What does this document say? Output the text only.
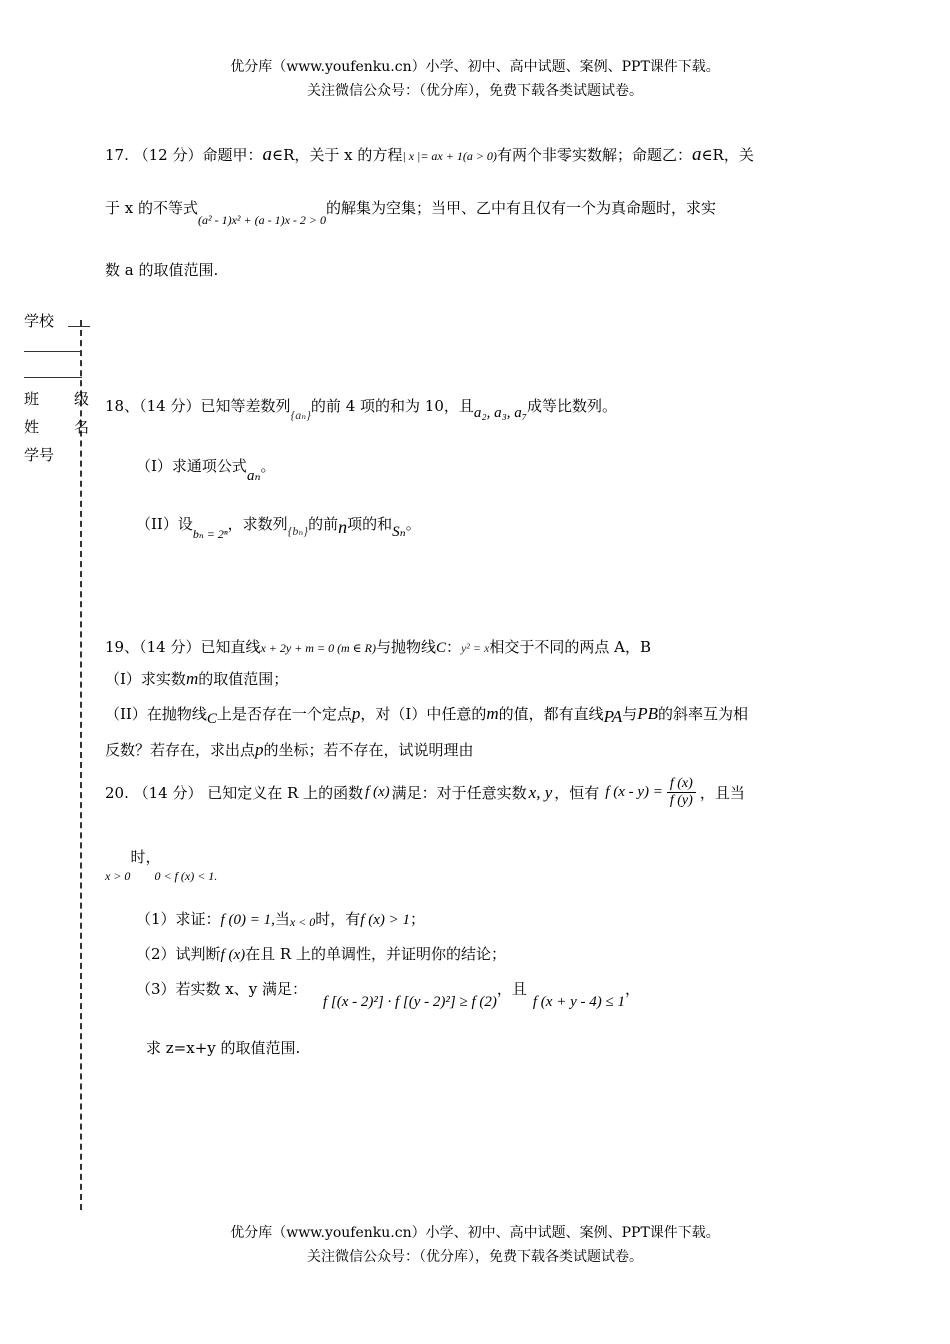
优分库（www.youfenku.cn）小学、初中、高中试题、案例、PPT课件下载。
关注微信公众号：（优分库），免费下载各类试题试卷。
学校
班 级
姓 名
学号
17. （12 分）命题甲：a∈R，关于 x 的方程| x |= ax + 1(a > 0)有两个非零实数解；命题乙：a∈R，关
于 x 的不等式$_{(a^2 - 1)x^2 + (a - 1)x - 2 > 0}$的解集为空集；当甲、乙中有且仅有一个为真命题时，求实
数 a 的取值范围.
18、（14 分）已知等差数列$_{\{a_n\}}$的前 4 项的和为 10，且a₂, a₃, a₇成等比数列。
（I）求通项公式aₙ。
（II）设$_{b_n = 2^n}$，求数列$_{\{b_n\}}$的前n项的和Sₙ。
19、（14 分）已知直线x + 2y + m = 0 (m ∈ R)与抛物线C：y² = x相交于不同的两点 A，B
（I）求实数m的取值范围；
（II）在抛物线C上是否存在一个定点p，对（I）中任意的m的值，都有直线PA与PB的斜率互为相
反数？若存在，求出点p的坐标；若不存在，试说明理由
20. （14 分） 已知定义在 R 上的函数 f (x) 满足：对于任意实数 x, y ，恒有 f $(x - y) = \frac{f (x)}{f (y)}$ ，且当
$_{x > 0}$时，$_{0 < f (x) < 1.}$
（1）求证：f (0) = 1,当x < 0时，有f (x) > 1；
（2）试判断f (x)在且 R 上的单调性，并证明你的结论；
（3）若实数 x、y 满足：f [(x - 2)²] · f [(y - 2)²] ≥ f (2)，且f (x + y - 4) ≤ 1，
求 z=x+y 的取值范围.
优分库（www.youfenku.cn）小学、初中、高中试题、案例、PPT课件下载。
关注微信公众号：（优分库），免费下载各类试题试卷。
